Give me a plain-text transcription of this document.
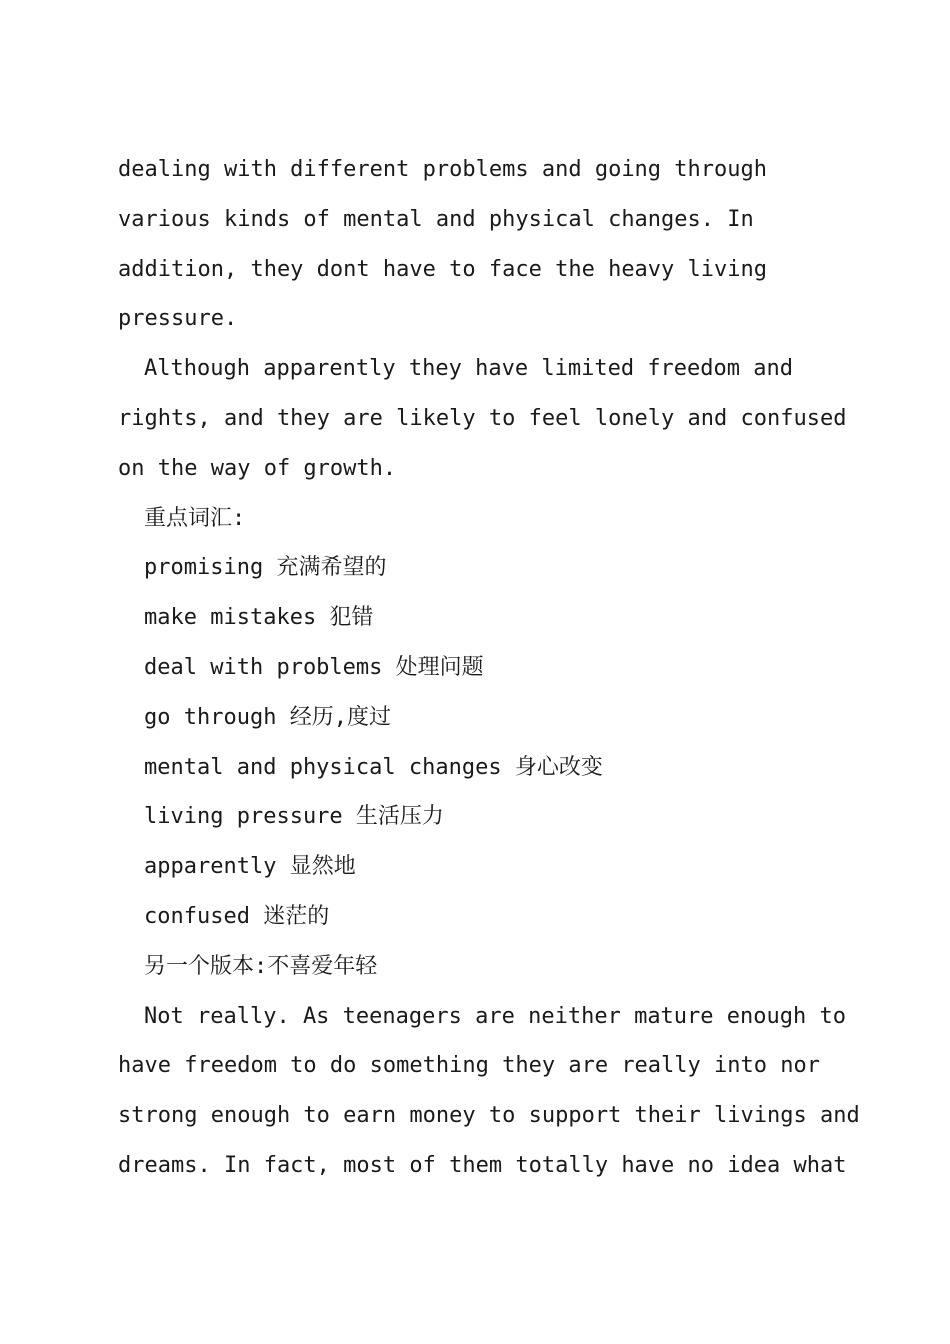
dealing with different problems and going through
various kinds of mental and physical changes. In
addition, they dont have to face the heavy living
pressure.
Although apparently they have limited freedom and
rights, and they are likely to feel lonely and confused
on the way of growth.
重点词汇:
promising 充满希望的
make mistakes 犯错
deal with problems 处理问题
go through 经历,度过
mental and physical changes 身心改变
living pressure 生活压力
apparently 显然地
confused 迷茫的
另一个版本:不喜爱年轻
Not really. As teenagers are neither mature enough to
have freedom to do something they are really into nor
strong enough to earn money to support their livings and
dreams. In fact, most of them totally have no idea what
